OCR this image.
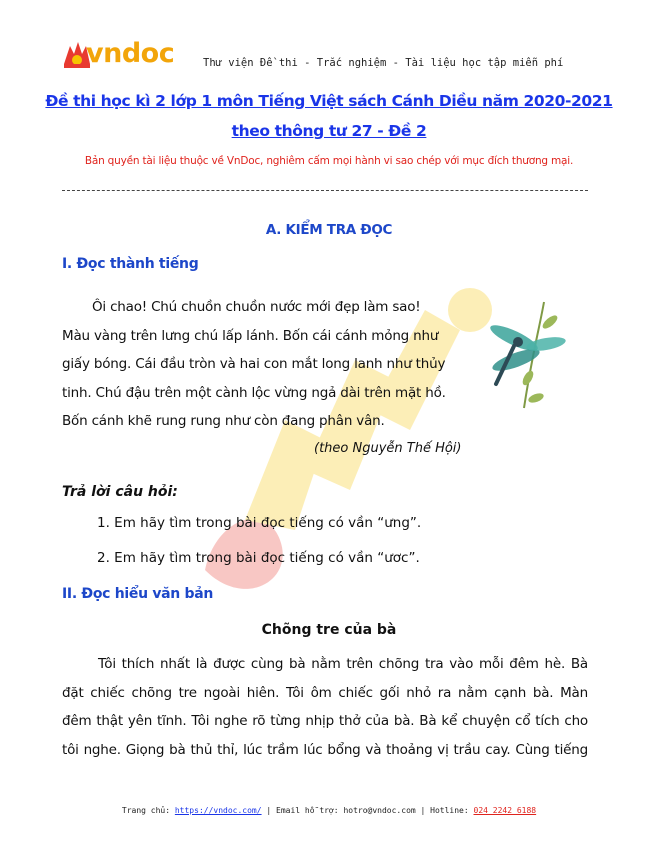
vndoc	Thư viện Đề thi - Trắc nghiệm - Tài liệu học tập miễn phí
Đề thi học kì 2 lớp 1 môn Tiếng Việt sách Cánh Diều năm 2020-2021
theo thông tư 27 - Đề 2
Bản quyền tài liệu thuộc về VnDoc, nghiêm cấm mọi hành vi sao chép với mục đích thương mại.
A. KIỂM TRA ĐỌC
I. Đọc thành tiếng
Ôi chao! Chú chuồn chuồn nước mới đẹp làm sao!
Màu vàng trên lưng chú lấp lánh. Bốn cái cánh mỏng như
giấy bóng. Cái đầu tròn và hai con mắt long lanh như thủy
tinh. Chú đậu trên một cành lộc vừng ngả dài trên mặt hồ.
Bốn cánh khẽ rung rung như còn đang phân vân.
(theo Nguyễn Thế Hội)
Trả lời câu hỏi:
1. Em hãy tìm trong bài đọc tiếng có vần “ưng”.
2. Em hãy tìm trong bài đọc tiếng có vần “ươc”.
II. Đọc hiểu văn bản
Chõng tre của bà
Tôi thích nhất là được cùng bà nằm trên chõng tra vào mỗi đêm hè. Bà
đặt chiếc chõng tre ngoài hiên. Tôi ôm chiếc gối nhỏ ra nằm cạnh bà. Màn
đêm thật yên tĩnh. Tôi nghe rõ từng nhịp thở của bà. Bà kể chuyện cổ tích cho
tôi nghe. Giọng bà thủ thỉ, lúc trầm lúc bổng và thoảng vị trầu cay. Cùng tiếng
Trang chủ: https://vndoc.com/ | Email hỗ trợ: hotro@vndoc.com | Hotline: 024 2242 6188
